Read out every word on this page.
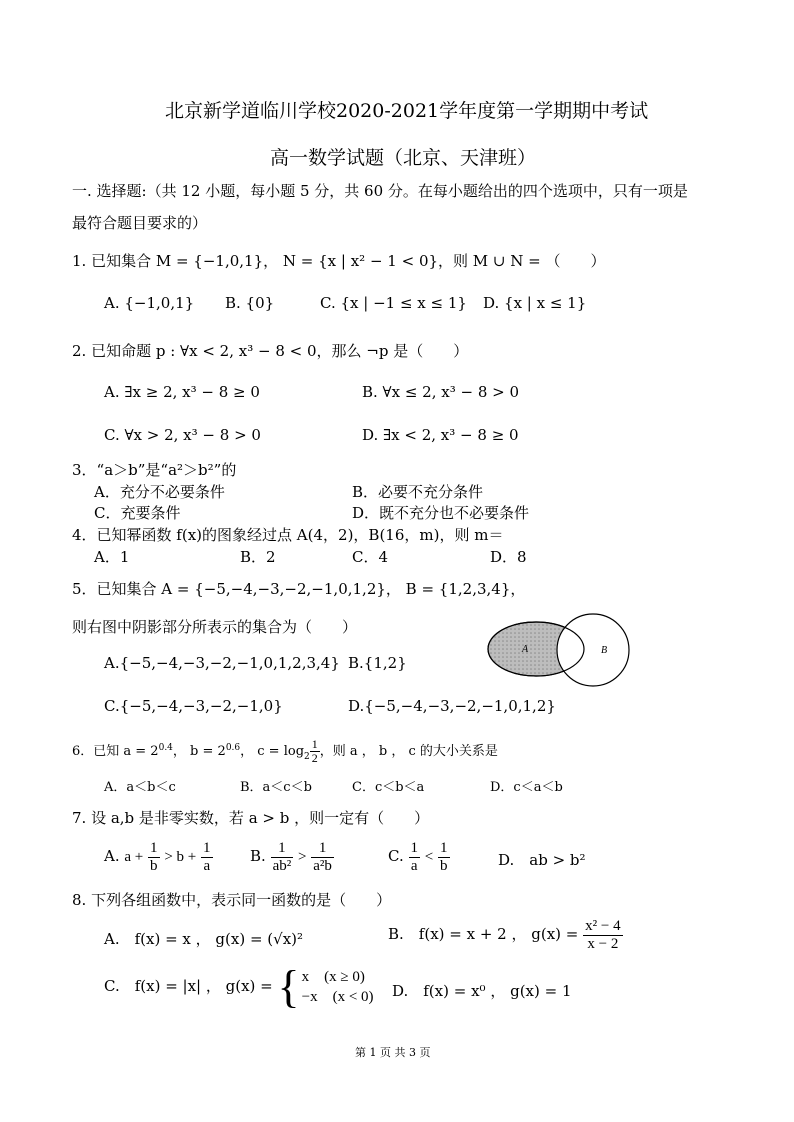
北京新学道临川学校2020-2021学年度第一学期期中考试
高一数学试题（北京、天津班）
一. 选择题:（共 12 小题，每小题 5 分，共 60 分。在每小题给出的四个选项中，只有一项是
最符合题目要求的）
1. 已知集合 M = {−1,0,1}， N = {x | x² − 1 < 0}，则 M ∪ N = （　　）
A. {−1,0,1} B. {0}	C. {x | −1 ≤ x ≤ 1} D. {x | x ≤ 1}
2. 已知命题 p : ∀x < 2, x³ − 8 < 0，那么 ¬p 是（　　）
A. ∃x ≥ 2, x³ − 8 ≥ 0	B. ∀x ≤ 2, x³ − 8 > 0
C. ∀x > 2, x³ − 8 > 0	D. ∃x < 2, x³ − 8 ≥ 0
3．“a＞b”是“a²＞b²”的
A．充分不必要条件	B．必要不充分条件
C．充要条件	D．既不充分也不必要条件
4．已知幂函数 f(x)的图象经过点 A(4，2)，B(16，m)，则 m＝
A．1	B．2	C．4	D．8
5．已知集合 A = {−5,−4,−3,−2,−1,0,1,2}， B = {1,2,3,4}，
则右图中阴影部分所表示的集合为（　　）
A.{−5,−4,−3,−2,−1,0,1,2,3,4} B.{1,2}
C.{−5,−4,−3,−2,−1,0}	D.{−5,−4,−3,−2,−1,0,1,2}
A	B
6．已知 $a = 2^{0.4}$， $b = 2^{0.6}$， $c = \log_2 \frac{1}{2}$ ，则 a ， b ， c 的大小关系是
A．a＜b＜c	B．a＜c＜b	C．c＜b＜a	D．c＜a＜b
7. 设 a,b 是非零实数，若 a > b ，则一定有（　　）
A. $a + \frac{1}{b} > b + \frac{1}{a} B$. $\frac{1}{\text{ab²}} > \frac{1}{\text{a²b}}$	C. $\frac{1}{a} < \frac{1}{b}$	D.　ab > b²
8. 下列各组函数中，表示同一函数的是（　　）
A.　f(x) = x ， g(x) = (√x)²	B.　f(x) = x + 2 ， $g(x) = \frac{\text{x² − 4}}{x - 2}$
C.　f(x) = |x| ， g(x) = { x　(x ≥ 0)
−x　(x < 0) D.　f(x) = x⁰ ， g(x) = 1
第 1 页 共 3 页
